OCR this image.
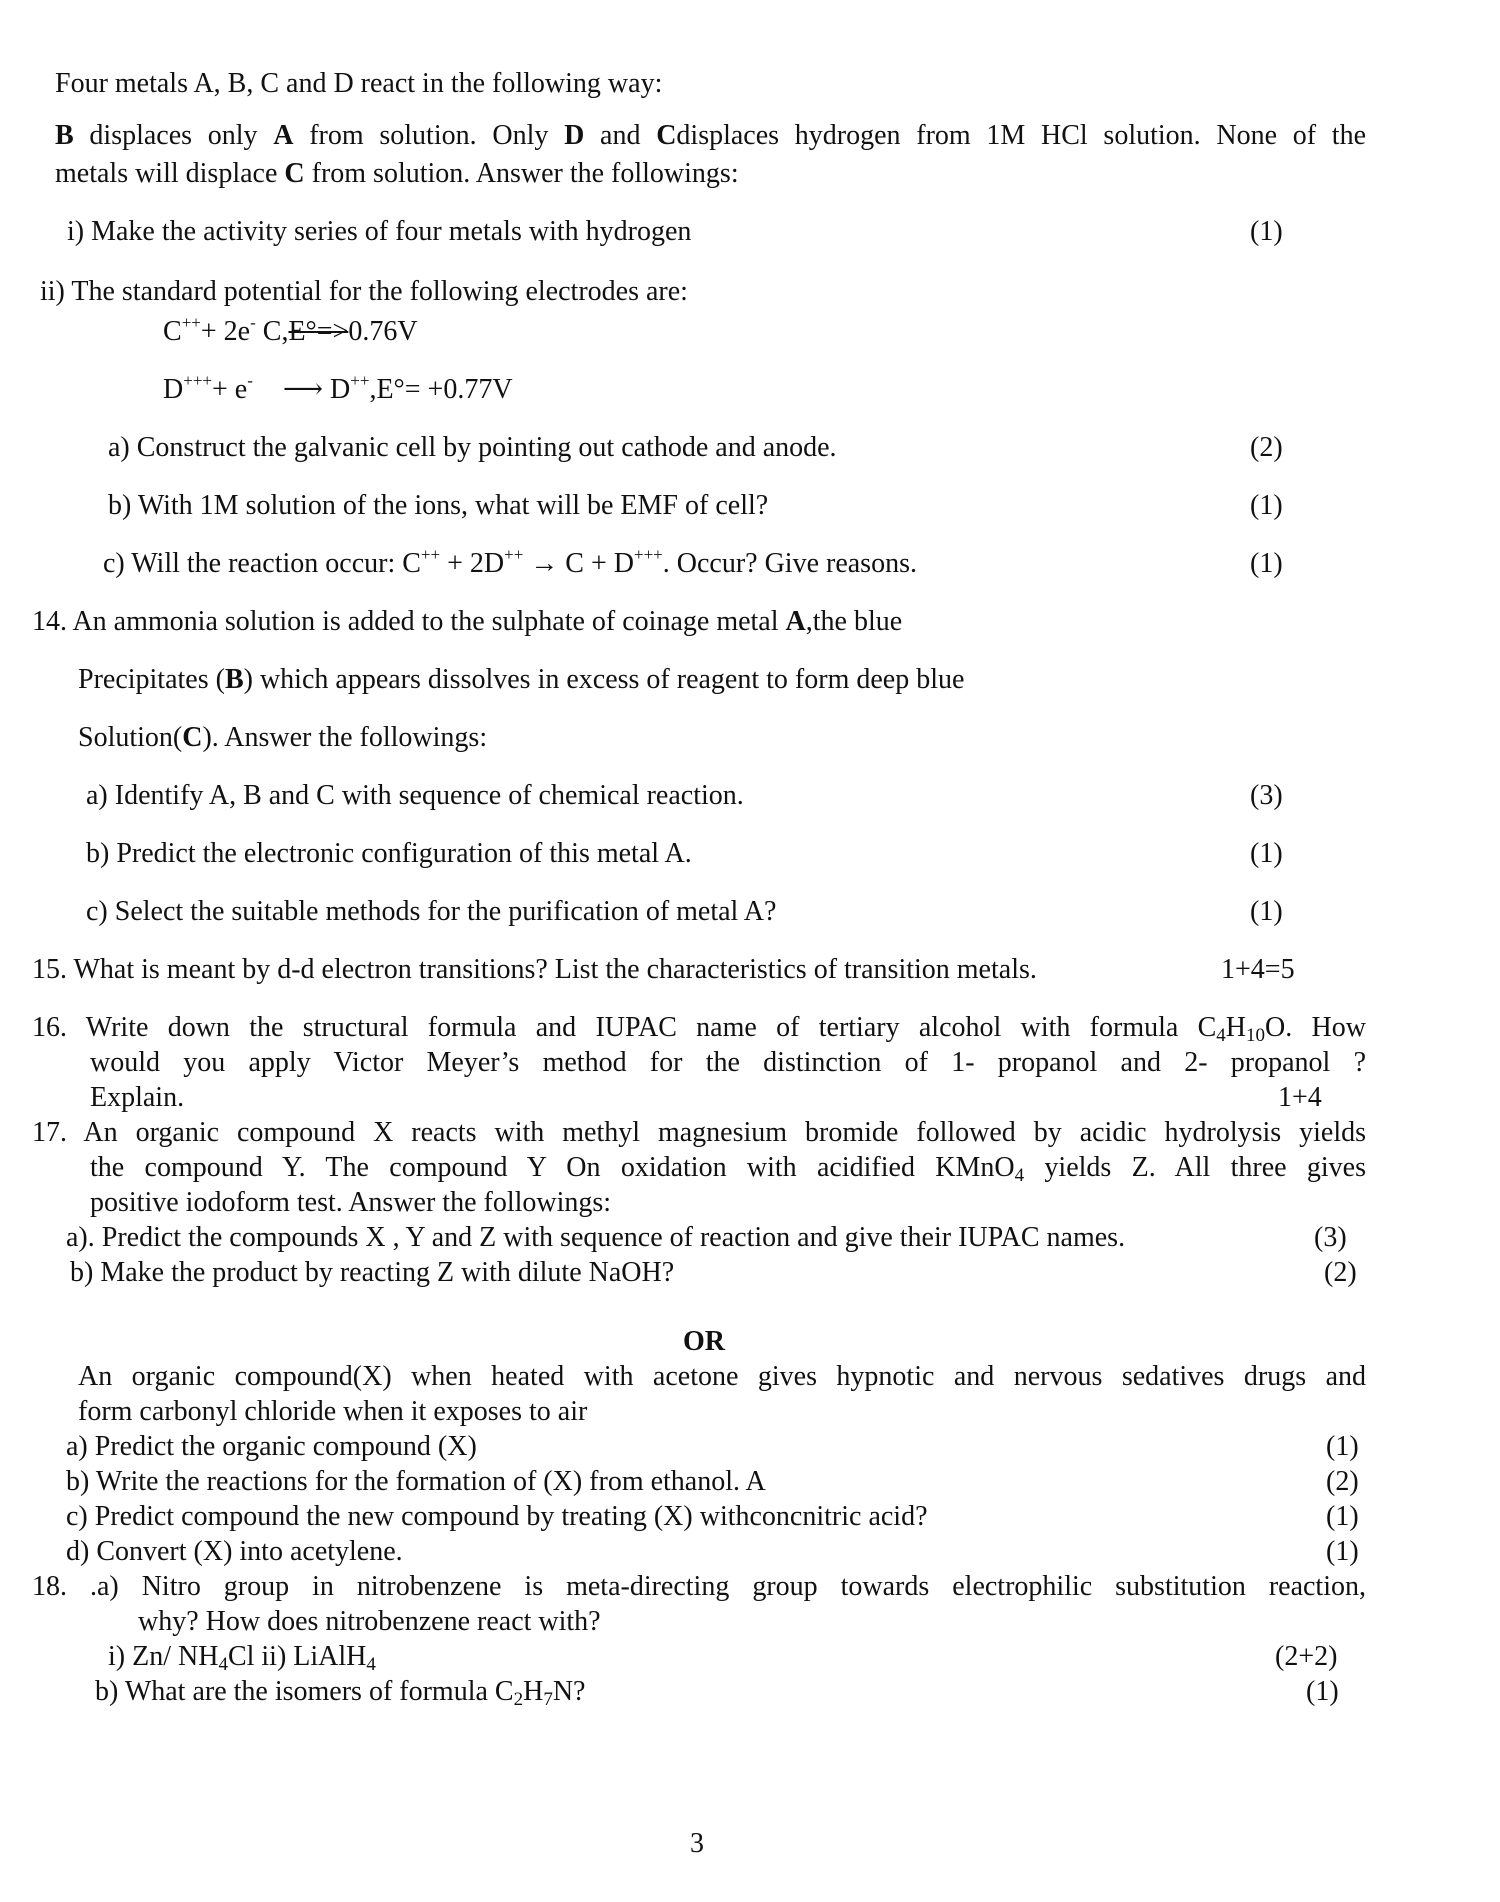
Four metals A, B, C and D react in the following way:
B displaces only A from solution. Only D and Cdisplaces hydrogen from 1M HCl solution. None of the
metals will displace C from solution. Answer the followings:
i) Make the activity series of four metals with hydrogen	(1)
ii) The standard potential for the following electrodes are:
C+++ 2e- C,E°=>0.76V
D++++ e- ⟶ D++,E°= +0.77V
a) Construct the galvanic cell by pointing out cathode and anode.	(2)
b) With 1M solution of the ions, what will be EMF of cell?	(1)
c) Will the reaction occur: C++ + 2D++ → C + D+++. Occur? Give reasons.	(1)
14. An ammonia solution is added to the sulphate of coinage metal A,the blue
Precipitates (B) which appears dissolves in excess of reagent to form deep blue
Solution(C). Answer the followings:
a) Identify A, B and C with sequence of chemical reaction.	(3)
b) Predict the electronic configuration of this metal A.	(1)
c) Select the suitable methods for the purification of metal A?	(1)
15. What is meant by d-d electron transitions? List the characteristics of transition metals.	1+4=5
16. Write down the structural formula and IUPAC name of tertiary alcohol with formula $C_4H_{10}O$. How
would you apply Victor Meyer’s method for the distinction of 1- propanol and 2- propanol ?
Explain.	1+4
17. An organic compound X reacts with methyl magnesium bromide followed by acidic hydrolysis yields
the compound Y. The compound Y On oxidation with acidified KMnO$_4$ yields Z. All three gives
positive iodoform test. Answer the followings:
a). Predict the compounds X , Y and Z with sequence of reaction and give their IUPAC names.	(3)
b) Make the product by reacting Z with dilute NaOH?	(2)
OR
An organic compound(X) when heated with acetone gives hypnotic and nervous sedatives drugs and
form carbonyl chloride when it exposes to air
a) Predict the organic compound (X)	(1)
b) Write the reactions for the formation of (X) from ethanol. A	(2)
c) Predict compound the new compound by treating (X) withconcnitric acid?	(1)
d) Convert (X) into acetylene.	(1)
18. .a) Nitro group in nitrobenzene is meta-directing group towards electrophilic substitution reaction,
why? How does nitrobenzene react with?
i) Zn/ $NH_4Cl$ ii) LiAlH$_4$	(2+2)
b) What are the isomers of formula $C_2H_7N$?	(1)
3
